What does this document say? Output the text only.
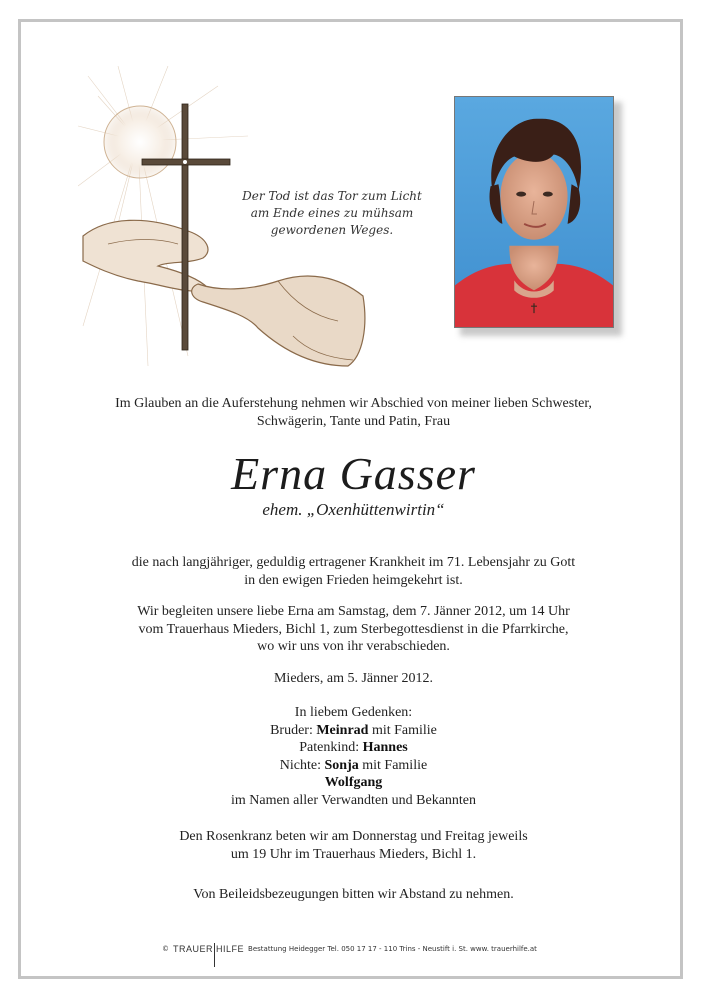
Der Tod ist das Tor zum Licht
am Ende eines zu mühsam
gewordenen Weges.
Im Glauben an die Auferstehung nehmen wir Abschied von meiner lieben Schwester,
Schwägerin, Tante und Patin, Frau
Erna Gasser
ehem. „Oxenhüttenwirtin“
die nach langjähriger, geduldig ertragener Krankheit im 71. Lebensjahr zu Gott
in den ewigen Frieden heimgekehrt ist.
Wir begleiten unsere liebe Erna am Samstag, dem 7. Jänner 2012, um 14 Uhr
vom Trauerhaus Mieders, Bichl 1, zum Sterbegottesdienst in die Pfarrkirche,
wo wir uns von ihr verabschieden.
Mieders, am 5. Jänner 2012.
In liebem Gedenken:
Bruder: Meinrad mit Familie
Patenkind: Hannes
Nichte: Sonja mit Familie
Wolfgang
im Namen aller Verwandten und Bekannten
Den Rosenkranz beten wir am Donnerstag und Freitag jeweils
um 19 Uhr im Trauerhaus Mieders, Bichl 1.
Von Beileidsbezeugungen bitten wir Abstand zu nehmen.
© TRAUER HILFE Bestattung Heidegger Tel. 050 17 17 - 110 Trins - Neustift i. St. www. trauerhilfe.at
